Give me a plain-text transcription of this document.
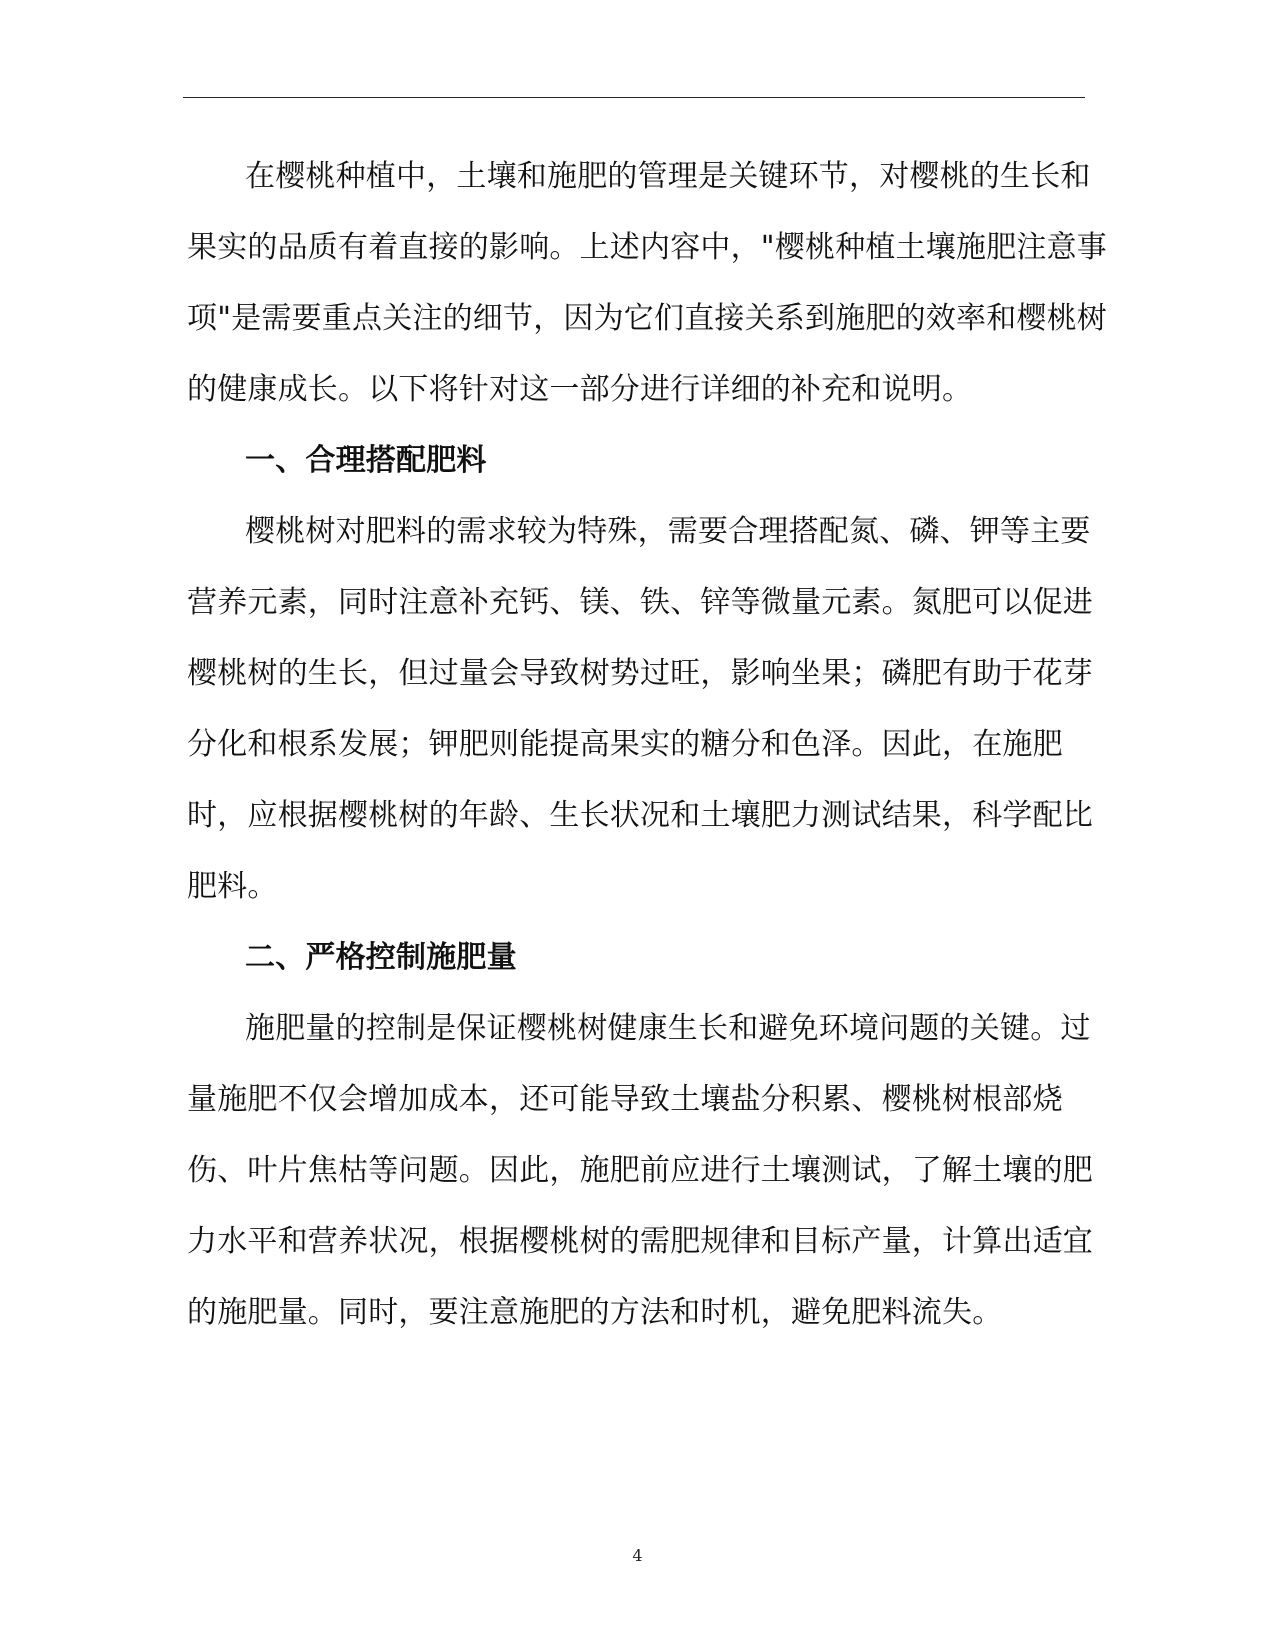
在樱桃种植中，土壤和施肥的管理是关键环节，对樱桃的生长和
果实的品质有着直接的影响。上述内容中，"樱桃种植土壤施肥注意事
项"是需要重点关注的细节，因为它们直接关系到施肥的效率和樱桃树
的健康成长。以下将针对这一部分进行详细的补充和说明。
一、合理搭配肥料
樱桃树对肥料的需求较为特殊，需要合理搭配氮、磷、钾等主要
营养元素，同时注意补充钙、镁、铁、锌等微量元素。氮肥可以促进
樱桃树的生长，但过量会导致树势过旺，影响坐果；磷肥有助于花芽
分化和根系发展；钾肥则能提高果实的糖分和色泽。因此，在施肥
时，应根据樱桃树的年龄、生长状况和土壤肥力测试结果，科学配比
肥料。
二、严格控制施肥量
施肥量的控制是保证樱桃树健康生长和避免环境问题的关键。过
量施肥不仅会增加成本，还可能导致土壤盐分积累、樱桃树根部烧
伤、叶片焦枯等问题。因此，施肥前应进行土壤测试，了解土壤的肥
力水平和营养状况，根据樱桃树的需肥规律和目标产量，计算出适宜
的施肥量。同时，要注意施肥的方法和时机，避免肥料流失。
4
